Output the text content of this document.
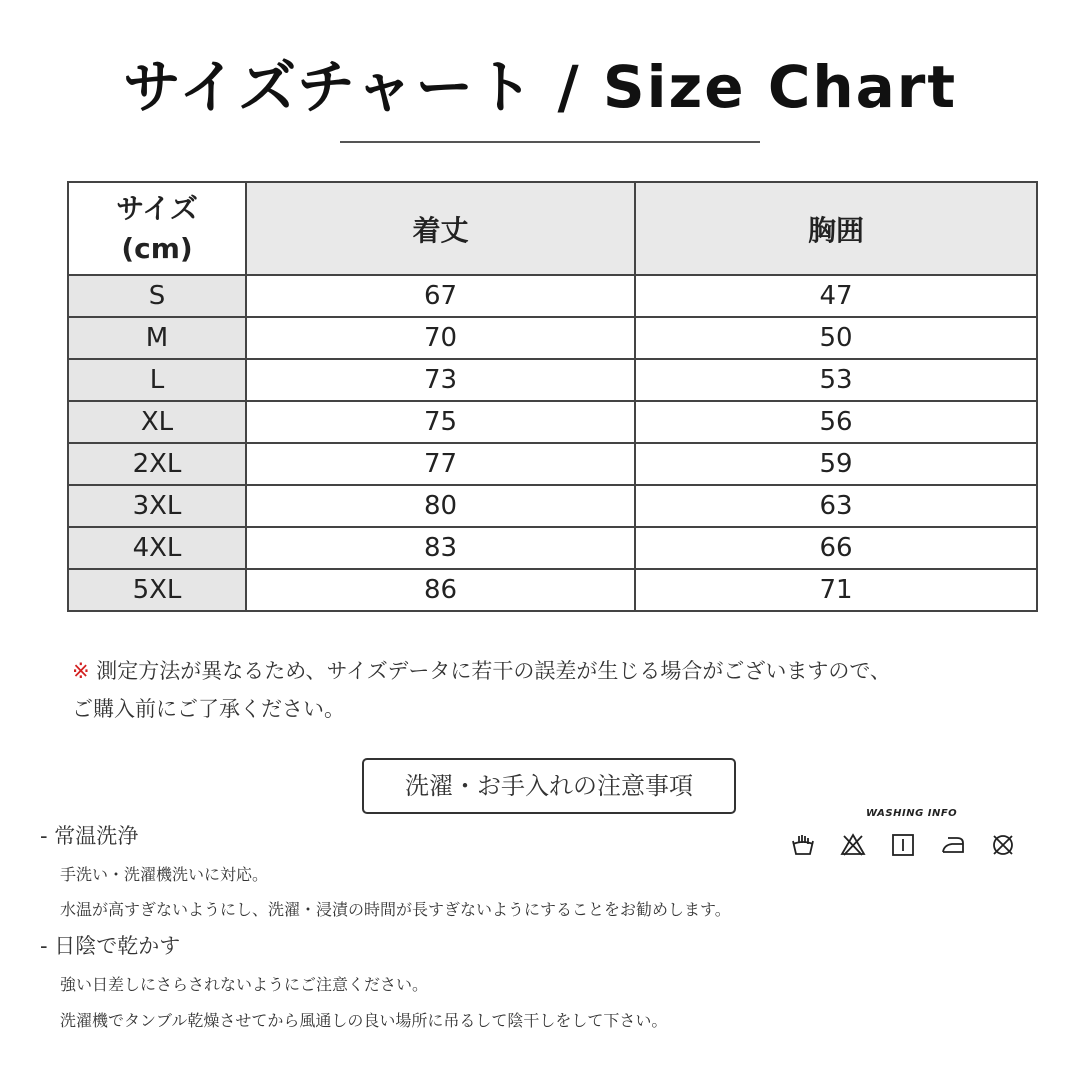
サイズチャート / Size Chart
サイズ
(cm)	着丈	胸囲
S	67	47
M	70	50
L	73	53
XL	75	56
2XL	77	59
3XL	80	63
4XL	83	66
5XL	86	71
※ 測定方法が異なるため、サイズデータに若干の誤差が生じる場合がございますので、
ご購入前にご了承ください。
洗濯・お手入れの注意事項
WASHING INFO
- 常温洗浄
手洗い・洗濯機洗いに対応。
水温が高すぎないようにし、洗濯・浸漬の時間が長すぎないようにすることをお勧めします。
- 日陰で乾かす
強い日差しにさらされないようにご注意ください。
洗濯機でタンブル乾燥させてから風通しの良い場所に吊るして陰干しをして下さい。
